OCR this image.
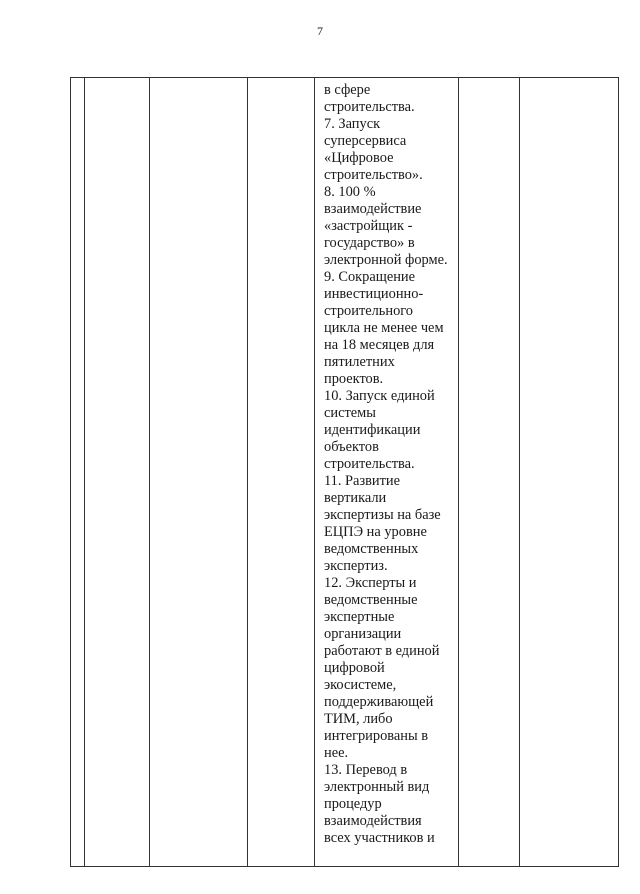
7

в сфере
строительства.
7. Запуск
суперсервиса
«Цифровое
строительство».
8. 100 %
взаимодействие
«застройщик -
государство» в
электронной форме.
9. Сокращение
инвестиционно-
строительного
цикла не менее чем
на 18 месяцев для
пятилетних
проектов.
10. Запуск единой
системы
идентификации
объектов
строительства.
11. Развитие
вертикали
экспертизы на базе
ЕЦПЭ на уровне
ведомственных
экспертиз.
12. Эксперты и
ведомственные
экспертные
организации
работают в единой
цифровой
экосистеме,
поддерживающей
ТИМ, либо
интегрированы в
нее.
13. Перевод в
электронный вид
процедур
взаимодействия
всех участников и
